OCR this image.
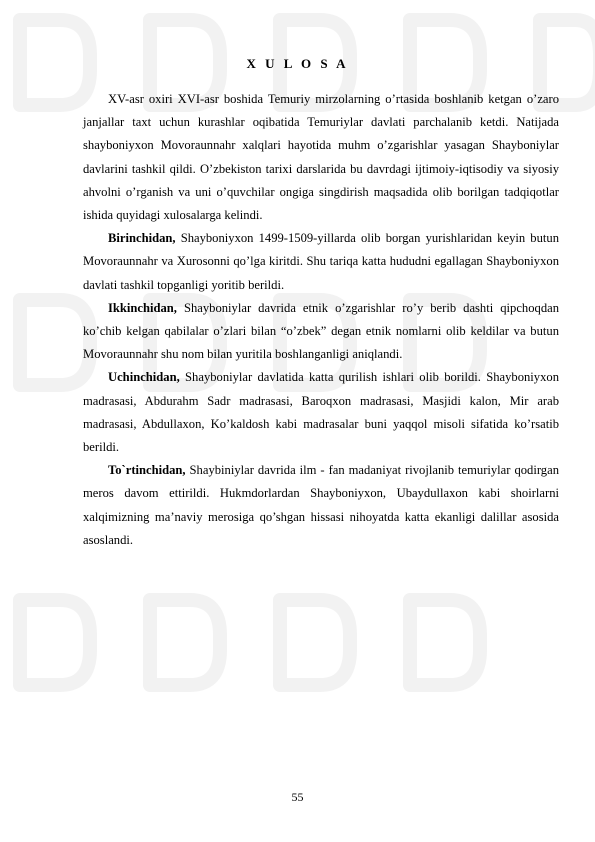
X U L O S A

XV-asr oxiri XVI-asr boshida Temuriy mirzolarning o’rtasida boshlanib ketgan o’zaro janjallar taxt uchun kurashlar oqibatida Temuriylar davlati parchalanib ketdi. Natijada shayboniyxon Movoraunnahr xalqlari hayotida muhm o’zgarishlar yasagan Shayboniylar davlarini tashkil qildi. O’zbekiston tarixi darslarida bu davrdagi ijtimoiy-iqtisodiy va siyosiy ahvolni o’rganish va uni o’quvchilar ongiga singdirish maqsadida olib borilgan tadqiqotlar ishida quyidagi xulosalarga kelindi.

Birinchidan, Shayboniyxon 1499-1509-yillarda olib borgan yurishlaridan keyin butun Movoraunnahr va Xurosonni qo’lga kiritdi. Shu tariqa katta hududni egallagan Shayboniyxon davlati tashkil topganligi yoritib berildi.

Ikkinchidan, Shayboniylar davrida etnik o’zgarishlar ro’y berib dashti qipchoqdan ko’chib kelgan qabilalar o’zlari bilan “o’zbek” degan etnik nomlarni olib keldilar va butun Movoraunnahr shu nom bilan yuritila boshlanganligi aniqlandi.

Uchinchidan, Shayboniylar davlatida katta qurilish ishlari olib borildi. Shayboniyxon madrasasi, Abdurahm Sadr madrasasi, Baroqxon madrasasi, Masjidi kalon, Mir arab madrasasi, Abdullaxon, Ko’kaldosh kabi madrasalar buni yaqqol misoli sifatida ko’rsatib berildi.

To`rtinchidan, Shaybiniylar davrida ilm - fan madaniyat rivojlanib temuriylar qodirgan meros davom ettirildi. Hukmdorlardan Shayboniyxon, Ubaydullaxon kabi shoirlarni xalqimizning ma’naviy merosiga qo’shgan hissasi nihoyatda katta ekanligi dalillar asosida asoslandi.

55
